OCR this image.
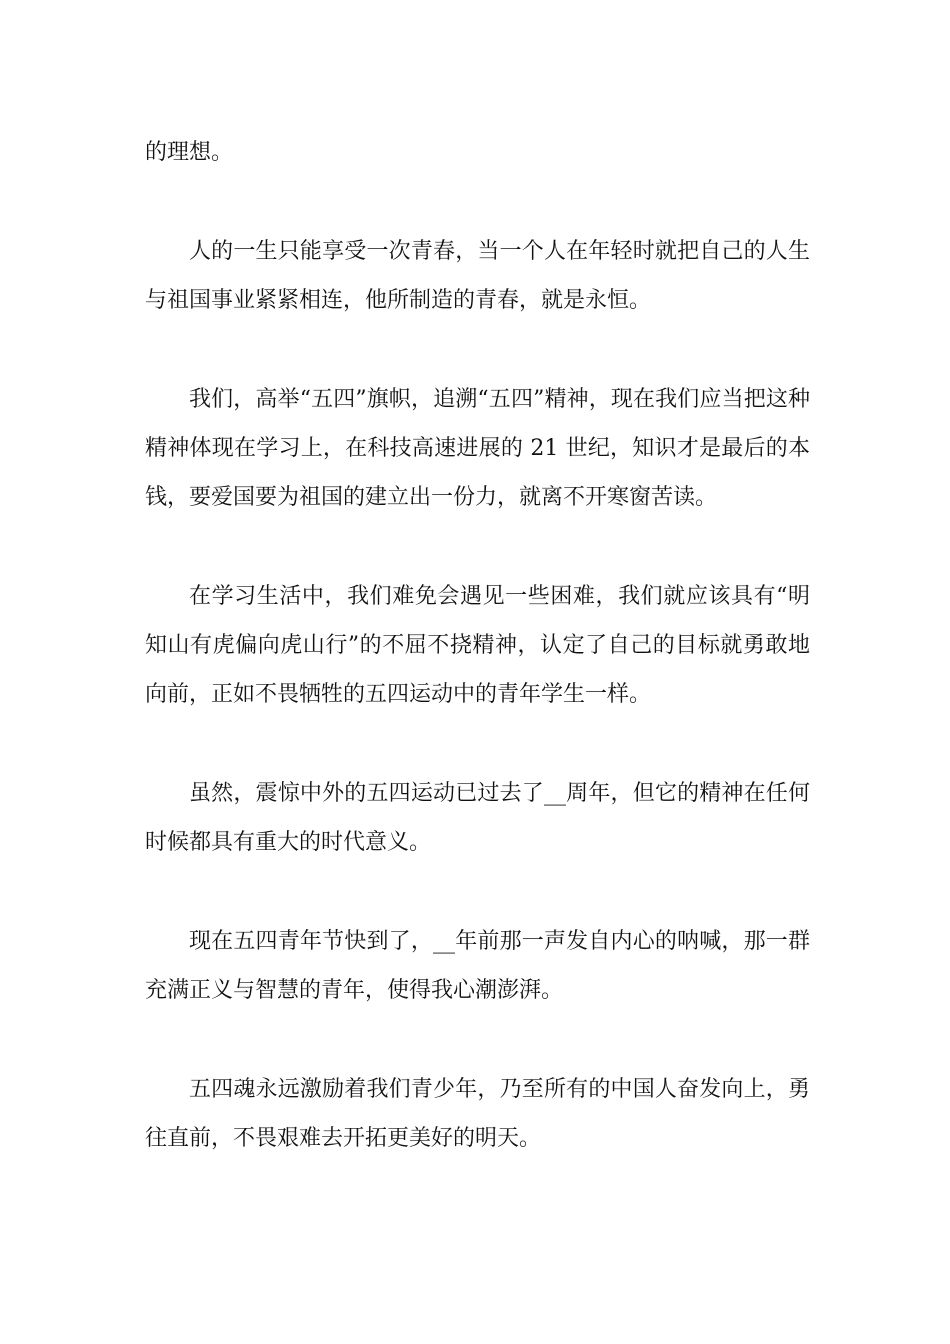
的理想。

人的一生只能享受一次青春，当一个人在年轻时就把自己的人生与祖国事业紧紧相连，他所制造的青春，就是永恒。

我们，高举“五四”旗帜，追溯“五四”精神，现在我们应当把这种精神体现在学习上，在科技高速进展的 21 世纪，知识才是最后的本钱，要爱国要为祖国的建立出一份力，就离不开寒窗苦读。

在学习生活中，我们难免会遇见一些困难，我们就应该具有“明知山有虎偏向虎山行”的不屈不挠精神，认定了自己的目标就勇敢地向前，正如不畏牺牲的五四运动中的青年学生一样。

虽然，震惊中外的五四运动已过去了__周年，但它的精神在任何时候都具有重大的时代意义。

现在五四青年节快到了，__年前那一声发自内心的呐喊，那一群充满正义与智慧的青年，使得我心潮澎湃。

五四魂永远激励着我们青少年，乃至所有的中国人奋发向上，勇往直前，不畏艰难去开拓更美好的明天。
